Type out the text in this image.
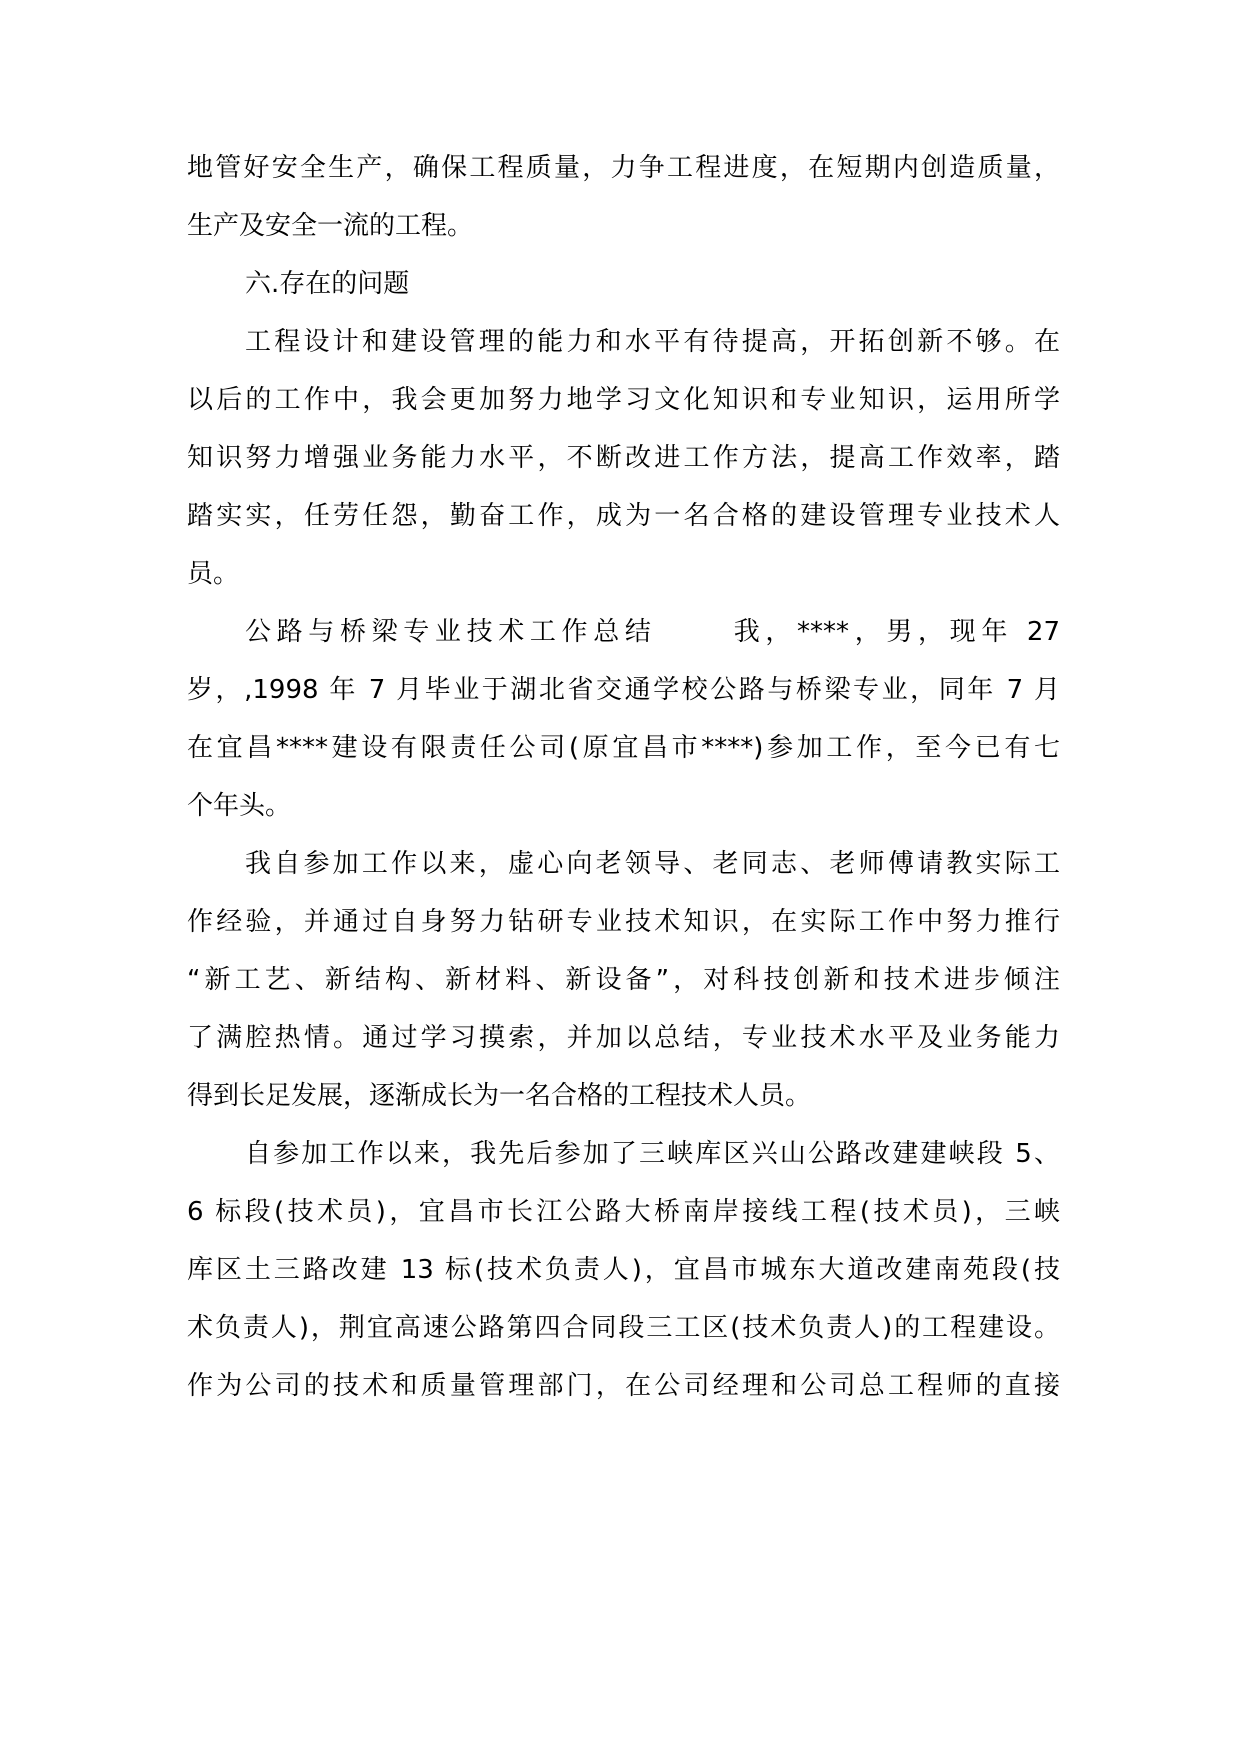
地管好安全生产，确保工程质量，力争工程进度，在短期内创造质量，
生产及安全一流的工程。
六.存在的问题
工程设计和建设管理的能力和水平有待提高，开拓创新不够。在
以后的工作中，我会更加努力地学习文化知识和专业知识，运用所学
知识努力增强业务能力水平，不断改进工作方法，提高工作效率，踏
踏实实，任劳任怨，勤奋工作，成为一名合格的建设管理专业技术人
员。
公路与桥梁专业技术工作总结　　 我，****，男，现年 27
岁，,1998 年 7 月毕业于湖北省交通学校公路与桥梁专业，同年 7 月
在宜昌****建设有限责任公司(原宜昌市****)参加工作，至今已有七
个年头。
我自参加工作以来，虚心向老领导、老同志、老师傅请教实际工
作经验，并通过自身努力钻研专业技术知识，在实际工作中努力推行
“新工艺、新结构、新材料、新设备”，对科技创新和技术进步倾注
了满腔热情。通过学习摸索，并加以总结，专业技术水平及业务能力
得到长足发展，逐渐成长为一名合格的工程技术人员。
自参加工作以来，我先后参加了三峡库区兴山公路改建建峡段 5、
6 标段(技术员)，宜昌市长江公路大桥南岸接线工程(技术员)，三峡
库区土三路改建 13 标(技术负责人)，宜昌市城东大道改建南苑段(技
术负责人)，荆宜高速公路第四合同段三工区(技术负责人)的工程建设。
作为公司的技术和质量管理部门，在公司经理和公司总工程师的直接
